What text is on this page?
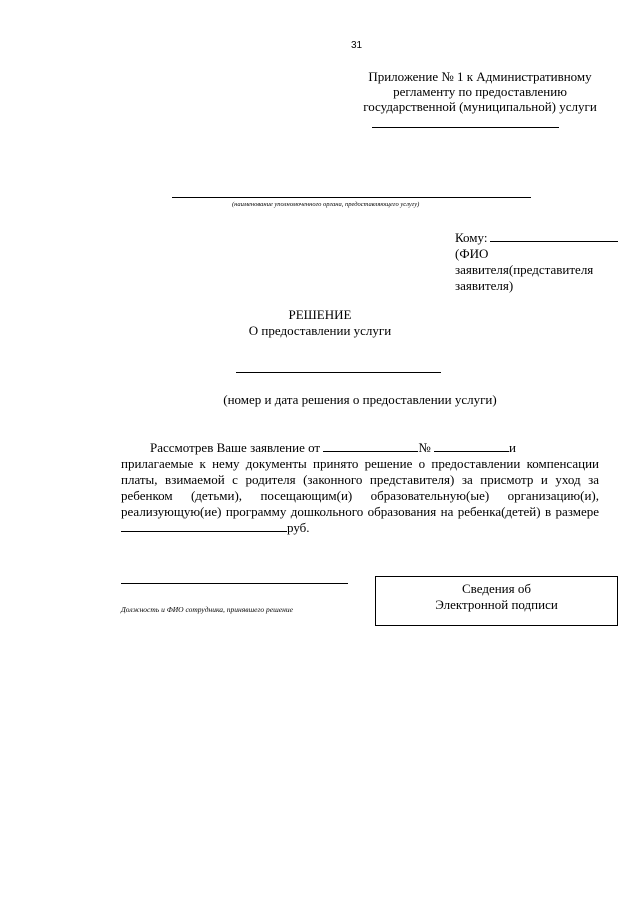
31
Приложение № 1 к Административному
регламенту по предоставлению
государственной (муниципальной) услуги
(наименование уполномоченного органа, предоставляющего услугу)
Кому:
(ФИО
заявителя(представителя
заявителя)
РЕШЕНИЕ
О предоставлении услуги
(номер и дата решения о предоставлении услуги)
Рассмотрев Ваше заявление от	№	и
прилагаемые к нему документы принято решение о предоставлении компенсации платы, взимаемой с родителя (законного представителя) за присмотр и уход за ребенком (детьми), посещающим(и) образовательную(ые) организацию(и), реализующую(ие) программу дошкольного образования на ребенка(детей) в размере руб.
Должность и ФИО сотрудника, принявшего решение
Сведения об
Электронной подписи
